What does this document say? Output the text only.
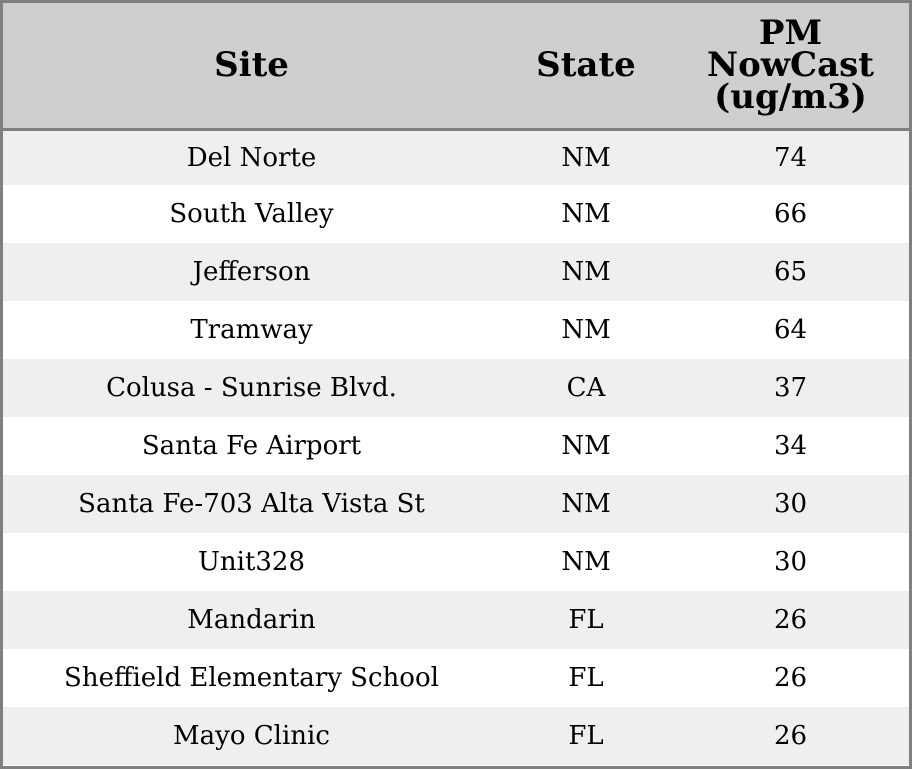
Site	State	PM
NowCast
(ug/m3)

Del Norte	NM	74
South Valley	NM	66
Jefferson	NM	65
Tramway	NM	64
Colusa - Sunrise Blvd.	CA	37
Santa Fe Airport	NM	34
Santa Fe-703 Alta Vista St	NM	30
Unit328	NM	30
Mandarin	FL	26
Sheffield Elementary School	FL	26
Mayo Clinic	FL	26
